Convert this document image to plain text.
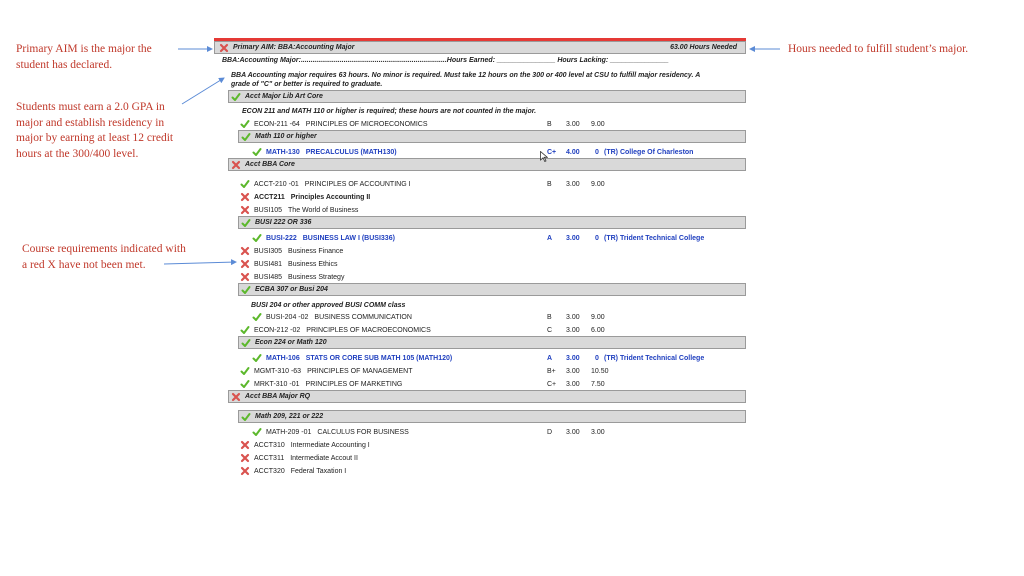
Primary AIM is the major the
student has declared.
Students must earn a 2.0 GPA in
major and establish residency in
major by earning at least 12 credit
hours at the 300/400 level.
Course requirements indicated with
a red X have not been met.
Hours needed to fulfill student’s major.
Primary AIM: BBA:Accounting Major	63.00 Hours Needed
BBA:Accounting Major:...........................................................................Hours Earned: _______________ Hours Lacking: _______________
BBA Accounting major requires 63 hours. No minor is required. Must take 12 hours on the 300 or 400 level at CSU to fulfill major residency. A
grade of "C" or better is required to graduate.
Acct Major Lib Art Core
ECON 211 and MATH 110 or higher is required; these hours are not counted in the major.
ECON-211 -64 PRINCIPLES OF MICROECONOMICS	B 3.00 9.00
MATH-130 PRECALCULUS (MATH130)	C+ 4.00 0 (TR) College Of Charleston
ACCT-210 -01 PRINCIPLES OF ACCOUNTING I	B 3.00 9.00
ACCT211 Principles Accounting II
BUSI105 The World of Business
BUSI-222 BUSINESS LAW I (BUSI336)	A 3.00 0 (TR) Trident Technical College
BUSI305 Business Finance
BUSI481 Business Ethics
BUSI485 Business Strategy
BUSI-204 -02 BUSINESS COMMUNICATION	B 3.00 9.00
ECON-212 -02 PRINCIPLES OF MACROECONOMICS	C 3.00 6.00
MATH-106 STATS OR CORE SUB MATH 105 (MATH120)	A 3.00 0 (TR) Trident Technical College
MGMT-310 -63 PRINCIPLES OF MANAGEMENT	B+ 3.00 10.50
MRKT-310 -01 PRINCIPLES OF MARKETING	C+ 3.00 7.50
MATH-209 -01 CALCULUS FOR BUSINESS	D 3.00 3.00
ACCT310 Intermediate Accounting I
ACCT311 Intermediate Accout II
ACCT320 Federal Taxation I
Math 110 or higher
Acct BBA Core
BUSI 222 OR 336
ECBA 307 or Busi 204
BUSI 204 or other approved BUSI COMM class
Econ 224 or Math 120
Acct BBA Major RQ
Math 209, 221 or 222
